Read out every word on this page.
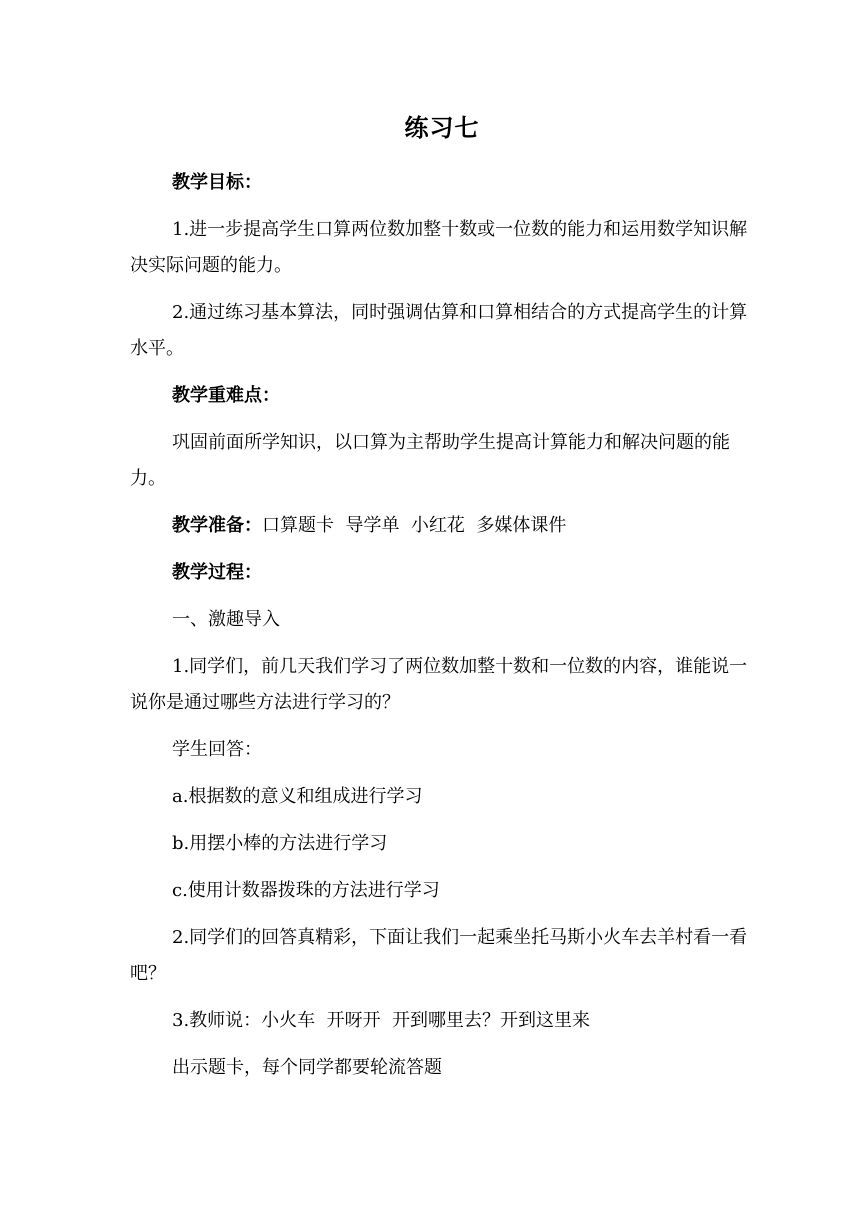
练习七
教学目标：
1.进一步提高学生口算两位数加整十数或一位数的能力和运用数学知识解决实际问题的能力。
2.通过练习基本算法，同时强调估算和口算相结合的方式提高学生的计算水平。
教学重难点：
巩固前面所学知识，以口算为主帮助学生提高计算能力和解决问题的能力。
教学准备：口算题卡  导学单  小红花  多媒体课件
教学过程：
一、激趣导入
1.同学们，前几天我们学习了两位数加整十数和一位数的内容，谁能说一说你是通过哪些方法进行学习的？
学生回答：
a.根据数的意义和组成进行学习
b.用摆小棒的方法进行学习
c.使用计数器拨珠的方法进行学习
2.同学们的回答真精彩，下面让我们一起乘坐托马斯小火车去羊村看一看吧？
3.教师说：小火车  开呀开  开到哪里去？开到这里来
出示题卡，每个同学都要轮流答题
